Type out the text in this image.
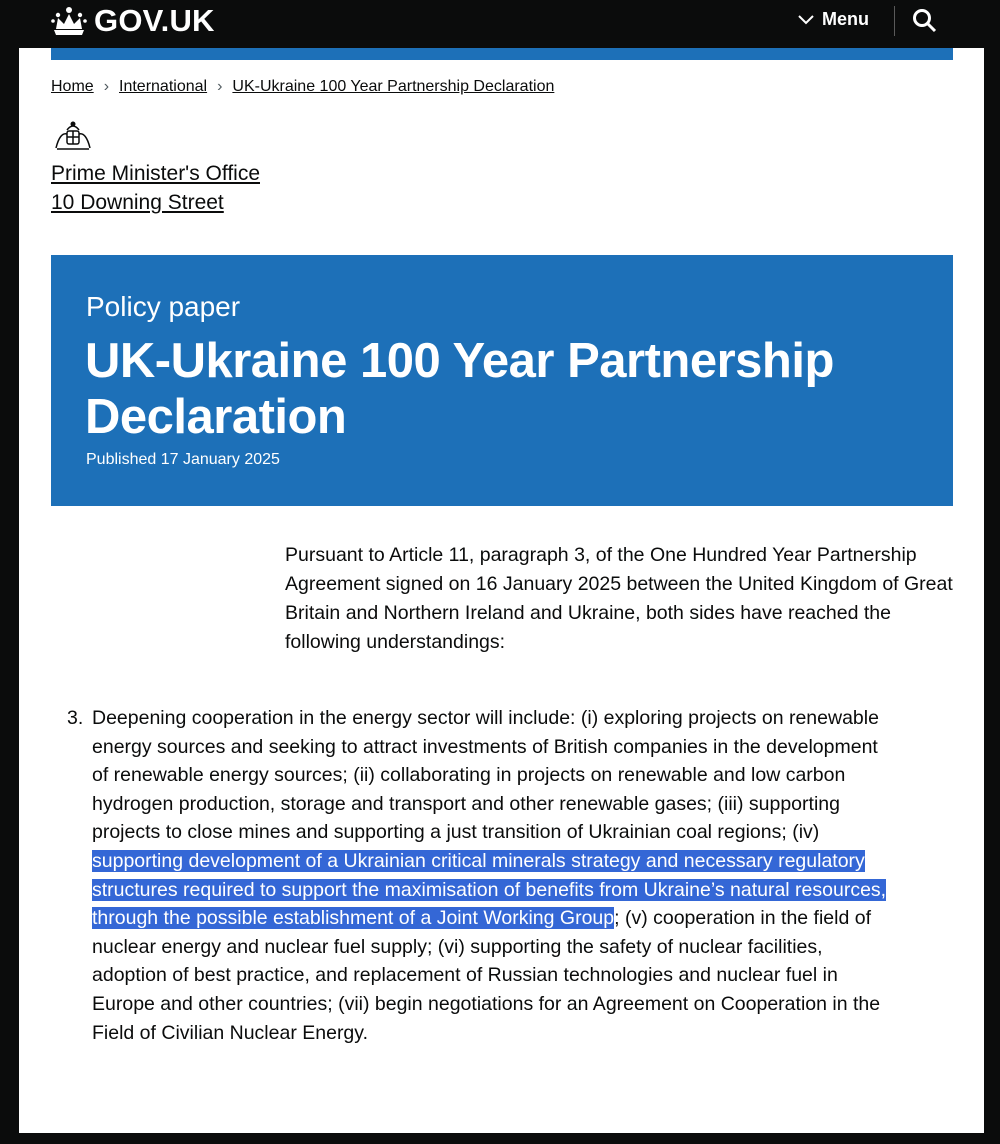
GOV.UK	Menu
Home › International › UK-Ukraine 100 Year Partnership Declaration
Prime Minister's Office
10 Downing Street
Policy paper
UK-Ukraine 100 Year Partnership Declaration
Published 17 January 2025

Pursuant to Article 11, paragraph 3, of the One Hundred Year Partnership Agreement signed on 16 January 2025 between the United Kingdom of Great Britain and Northern Ireland and Ukraine, both sides have reached the following understandings:

3. Deepening cooperation in the energy sector will include: (i) exploring projects on renewable energy sources and seeking to attract investments of British companies in the development of renewable energy sources; (ii) collaborating in projects on renewable and low carbon hydrogen production, storage and transport and other renewable gases; (iii) supporting projects to close mines and supporting a just transition of Ukrainian coal regions; (iv) supporting development of a Ukrainian critical minerals strategy and necessary regulatory structures required to support the maximisation of benefits from Ukraine’s natural resources, through the possible establishment of a Joint Working Group; (v) cooperation in the field of nuclear energy and nuclear fuel supply; (vi) supporting the safety of nuclear facilities, adoption of best practice, and replacement of Russian technologies and nuclear fuel in Europe and other countries; (vii) begin negotiations for an Agreement on Cooperation in the Field of Civilian Nuclear Energy.
